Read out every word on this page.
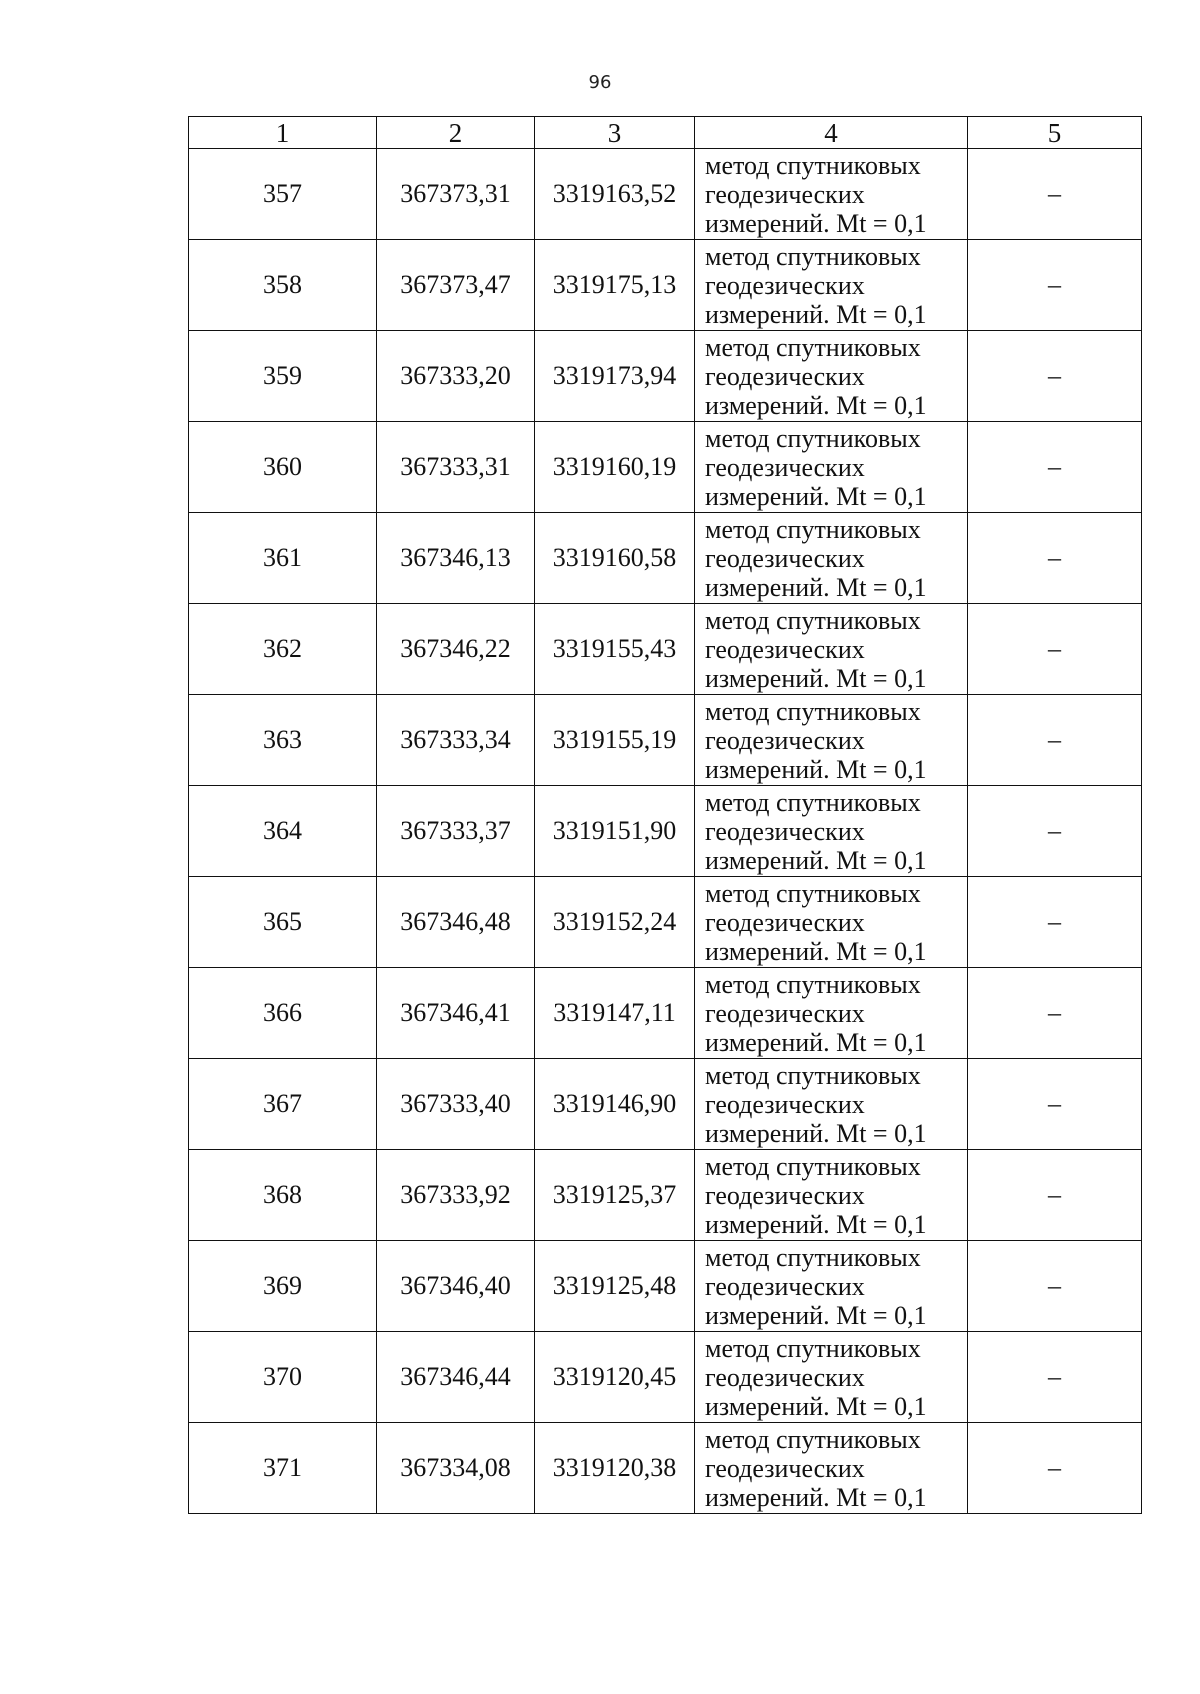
96
1	2	3	4	5
357	367373,31	3319163,52	метод спутниковых
геодезических
измерений. Mt = 0,1	–
358	367373,47	3319175,13	метод спутниковых
геодезических
измерений. Mt = 0,1	–
359	367333,20	3319173,94	метод спутниковых
геодезических
измерений. Mt = 0,1	–
360	367333,31	3319160,19	метод спутниковых
геодезических
измерений. Mt = 0,1	–
361	367346,13	3319160,58	метод спутниковых
геодезических
измерений. Mt = 0,1	–
362	367346,22	3319155,43	метод спутниковых
геодезических
измерений. Mt = 0,1	–
363	367333,34	3319155,19	метод спутниковых
геодезических
измерений. Mt = 0,1	–
364	367333,37	3319151,90	метод спутниковых
геодезических
измерений. Mt = 0,1	–
365	367346,48	3319152,24	метод спутниковых
геодезических
измерений. Mt = 0,1	–
366	367346,41	3319147,11	метод спутниковых
геодезических
измерений. Mt = 0,1	–
367	367333,40	3319146,90	метод спутниковых
геодезических
измерений. Mt = 0,1	–
368	367333,92	3319125,37	метод спутниковых
геодезических
измерений. Mt = 0,1	–
369	367346,40	3319125,48	метод спутниковых
геодезических
измерений. Mt = 0,1	–
370	367346,44	3319120,45	метод спутниковых
геодезических
измерений. Mt = 0,1	–
371	367334,08	3319120,38	метод спутниковых
геодезических
измерений. Mt = 0,1	–
